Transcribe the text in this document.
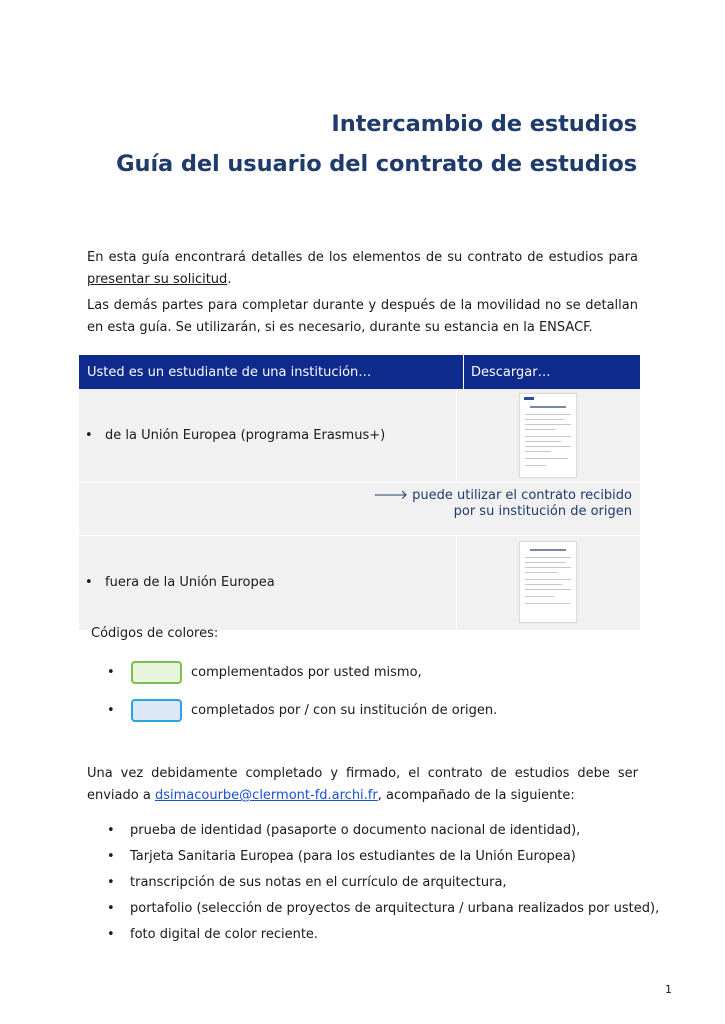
Intercambio de estudios
Guía del usuario del contrato de estudios

En esta guía encontrará detalles de los elementos de su contrato de estudios para presentar su solicitud.

Las demás partes para completar durante y después de la movilidad no se detallan en esta guía. Se utilizarán, si es necesario, durante su estancia en la ENSACF.

Usted es un estudiante de una institución…	Descargar…
• de la Unión Europea (programa Erasmus+)
🡒 puede utilizar el contrato recibido
por su institución de origen
• fuera de la Unión Europea

Códigos de colores:

•	complementados por usted mismo,
•	completados por / con su institución de origen.

Una vez debidamente completado y firmado, el contrato de estudios debe ser enviado a dsimacourbe@clermont-fd.archi.fr, acompañado de la siguiente:

• prueba de identidad (pasaporte o documento nacional de identidad),
• Tarjeta Sanitaria Europea (para los estudiantes de la Unión Europea)
• transcripción de sus notas en el currículo de arquitectura,
• portafolio (selección de proyectos de arquitectura / urbana realizados por usted),
• foto digital de color reciente.

1
